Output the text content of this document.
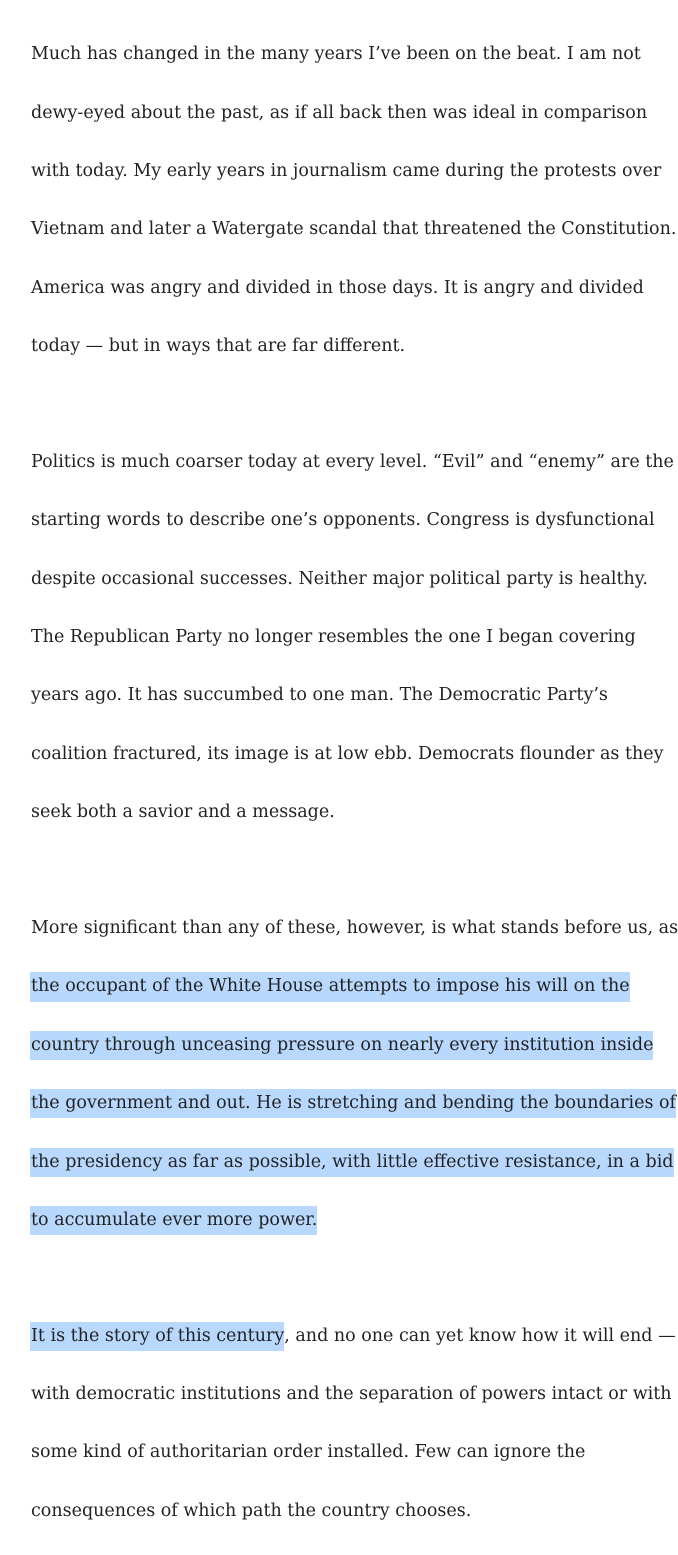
Much has changed in the many years I’ve been on the beat. I am not

dewy-eyed about the past, as if all back then was ideal in comparison

with today. My early years in journalism came during the protests over

Vietnam and later a Watergate scandal that threatened the Constitution.

America was angry and divided in those days. It is angry and divided

today — but in ways that are far different.

Politics is much coarser today at every level. “Evil” and “enemy” are the

starting words to describe one’s opponents. Congress is dysfunctional

despite occasional successes. Neither major political party is healthy.

The Republican Party no longer resembles the one I began covering

years ago. It has succumbed to one man. The Democratic Party’s

coalition fractured, its image is at low ebb. Democrats flounder as they

seek both a savior and a message.

More significant than any of these, however, is what stands before us, as

the occupant of the White House attempts to impose his will on the

country through unceasing pressure on nearly every institution inside

the government and out. He is stretching and bending the boundaries of

the presidency as far as possible, with little effective resistance, in a bid

to accumulate ever more power.

It is the story of this century, and no one can yet know how it will end —

with democratic institutions and the separation of powers intact or with

some kind of authoritarian order installed. Few can ignore the

consequences of which path the country chooses.
